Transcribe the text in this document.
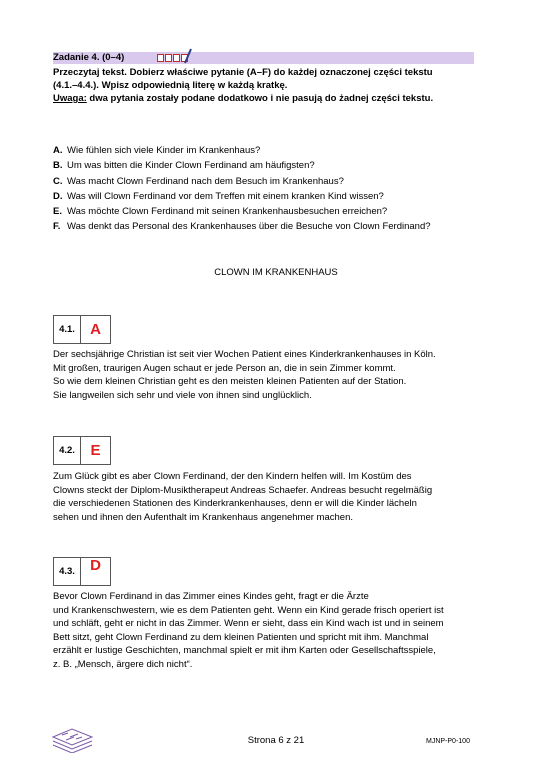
Zadanie 4. (0–4)
Przeczytaj tekst. Dobierz właściwe pytanie (A–F) do każdej oznaczonej części tekstu
(4.1.–4.4.). Wpisz odpowiednią literę w każdą kratkę.
Uwaga: dwa pytania zostały podane dodatkowo i nie pasują do żadnej części tekstu.
A. Wie fühlen sich viele Kinder im Krankenhaus?
B. Um was bitten die Kinder Clown Ferdinand am häufigsten?
C. Was macht Clown Ferdinand nach dem Besuch im Krankenhaus?
D. Was will Clown Ferdinand vor dem Treffen mit einem kranken Kind wissen?
E. Was möchte Clown Ferdinand mit seinen Krankenhausbesuchen erreichen?
F. Was denkt das Personal des Krankenhauses über die Besuche von Clown Ferdinand?
CLOWN IM KRANKENHAUS
4.1.	A
Der sechsjährige Christian ist seit vier Wochen Patient eines Kinderkrankenhauses in Köln.
Mit großen, traurigen Augen schaut er jede Person an, die in sein Zimmer kommt.
So wie dem kleinen Christian geht es den meisten kleinen Patienten auf der Station.
Sie langweilen sich sehr und viele von ihnen sind unglücklich.
4.2.	E
Zum Glück gibt es aber Clown Ferdinand, der den Kindern helfen will. Im Kostüm des
Clowns steckt der Diplom-Musiktherapeut Andreas Schaefer. Andreas besucht regelmäßig
die verschiedenen Stationen des Kinderkrankenhauses, denn er will die Kinder lächeln
sehen und ihnen den Aufenthalt im Krankenhaus angenehmer machen.
4.3.	D
Bevor Clown Ferdinand in das Zimmer eines Kindes geht, fragt er die Ärzte
und Krankenschwestern, wie es dem Patienten geht. Wenn ein Kind gerade frisch operiert ist
und schläft, geht er nicht in das Zimmer. Wenn er sieht, dass ein Kind wach ist und in seinem
Bett sitzt, geht Clown Ferdinand zu dem kleinen Patienten und spricht mit ihm. Manchmal
erzählt er lustige Geschichten, manchmal spielt er mit ihm Karten oder Gesellschaftsspiele,
z. B. „Mensch, ärgere dich nicht“.
Strona 6 z 21	MJNP-P0-100
